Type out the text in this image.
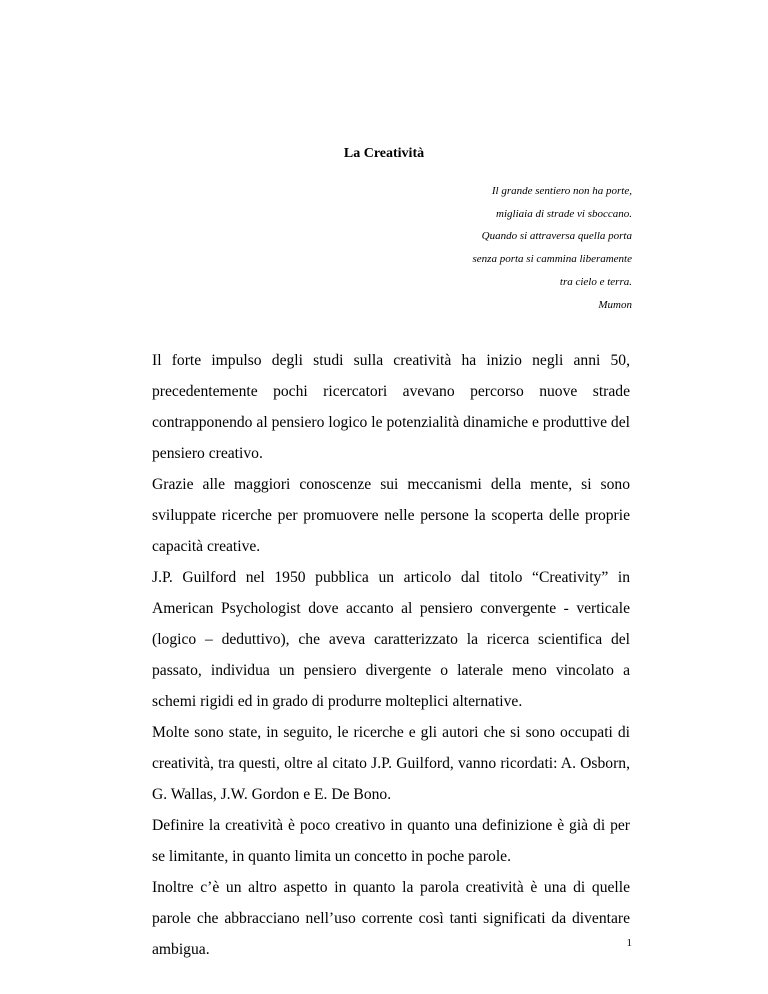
La Creatività
Il grande sentiero non ha porte,
migliaia di strade vi sboccano.
Quando si attraversa quella porta
senza porta si cammina liberamente
tra cielo e terra.
Mumon

Il forte impulso degli studi sulla creatività ha inizio negli anni 50,
precedentemente pochi ricercatori avevano percorso nuove strade
contrapponendo al pensiero logico le potenzialità dinamiche e produttive del pensiero creativo.

Grazie alle maggiori conoscenze sui meccanismi della mente, si sono sviluppate ricerche per promuovere nelle persone la scoperta delle proprie capacità creative.

J.P. Guilford nel 1950 pubblica un articolo dal titolo “Creativity” in American Psychologist dove accanto al pensiero convergente - verticale (logico – deduttivo), che aveva caratterizzato la ricerca scientifica del passato, individua un pensiero divergente o laterale meno vincolato a schemi rigidi ed in grado di produrre molteplici alternative.

Molte sono state, in seguito, le ricerche e gli autori che si sono occupati di creatività, tra questi, oltre al citato J.P. Guilford, vanno ricordati: A. Osborn, G. Wallas, J.W. Gordon e E. De Bono.

Definire la creatività è poco creativo in quanto una definizione è già di per se limitante, in quanto limita un concetto in poche parole.

Inoltre c’è un altro aspetto in quanto la parola creatività è una di quelle parole che abbracciano nell’uso corrente così tanti significati da diventare ambigua.	1
